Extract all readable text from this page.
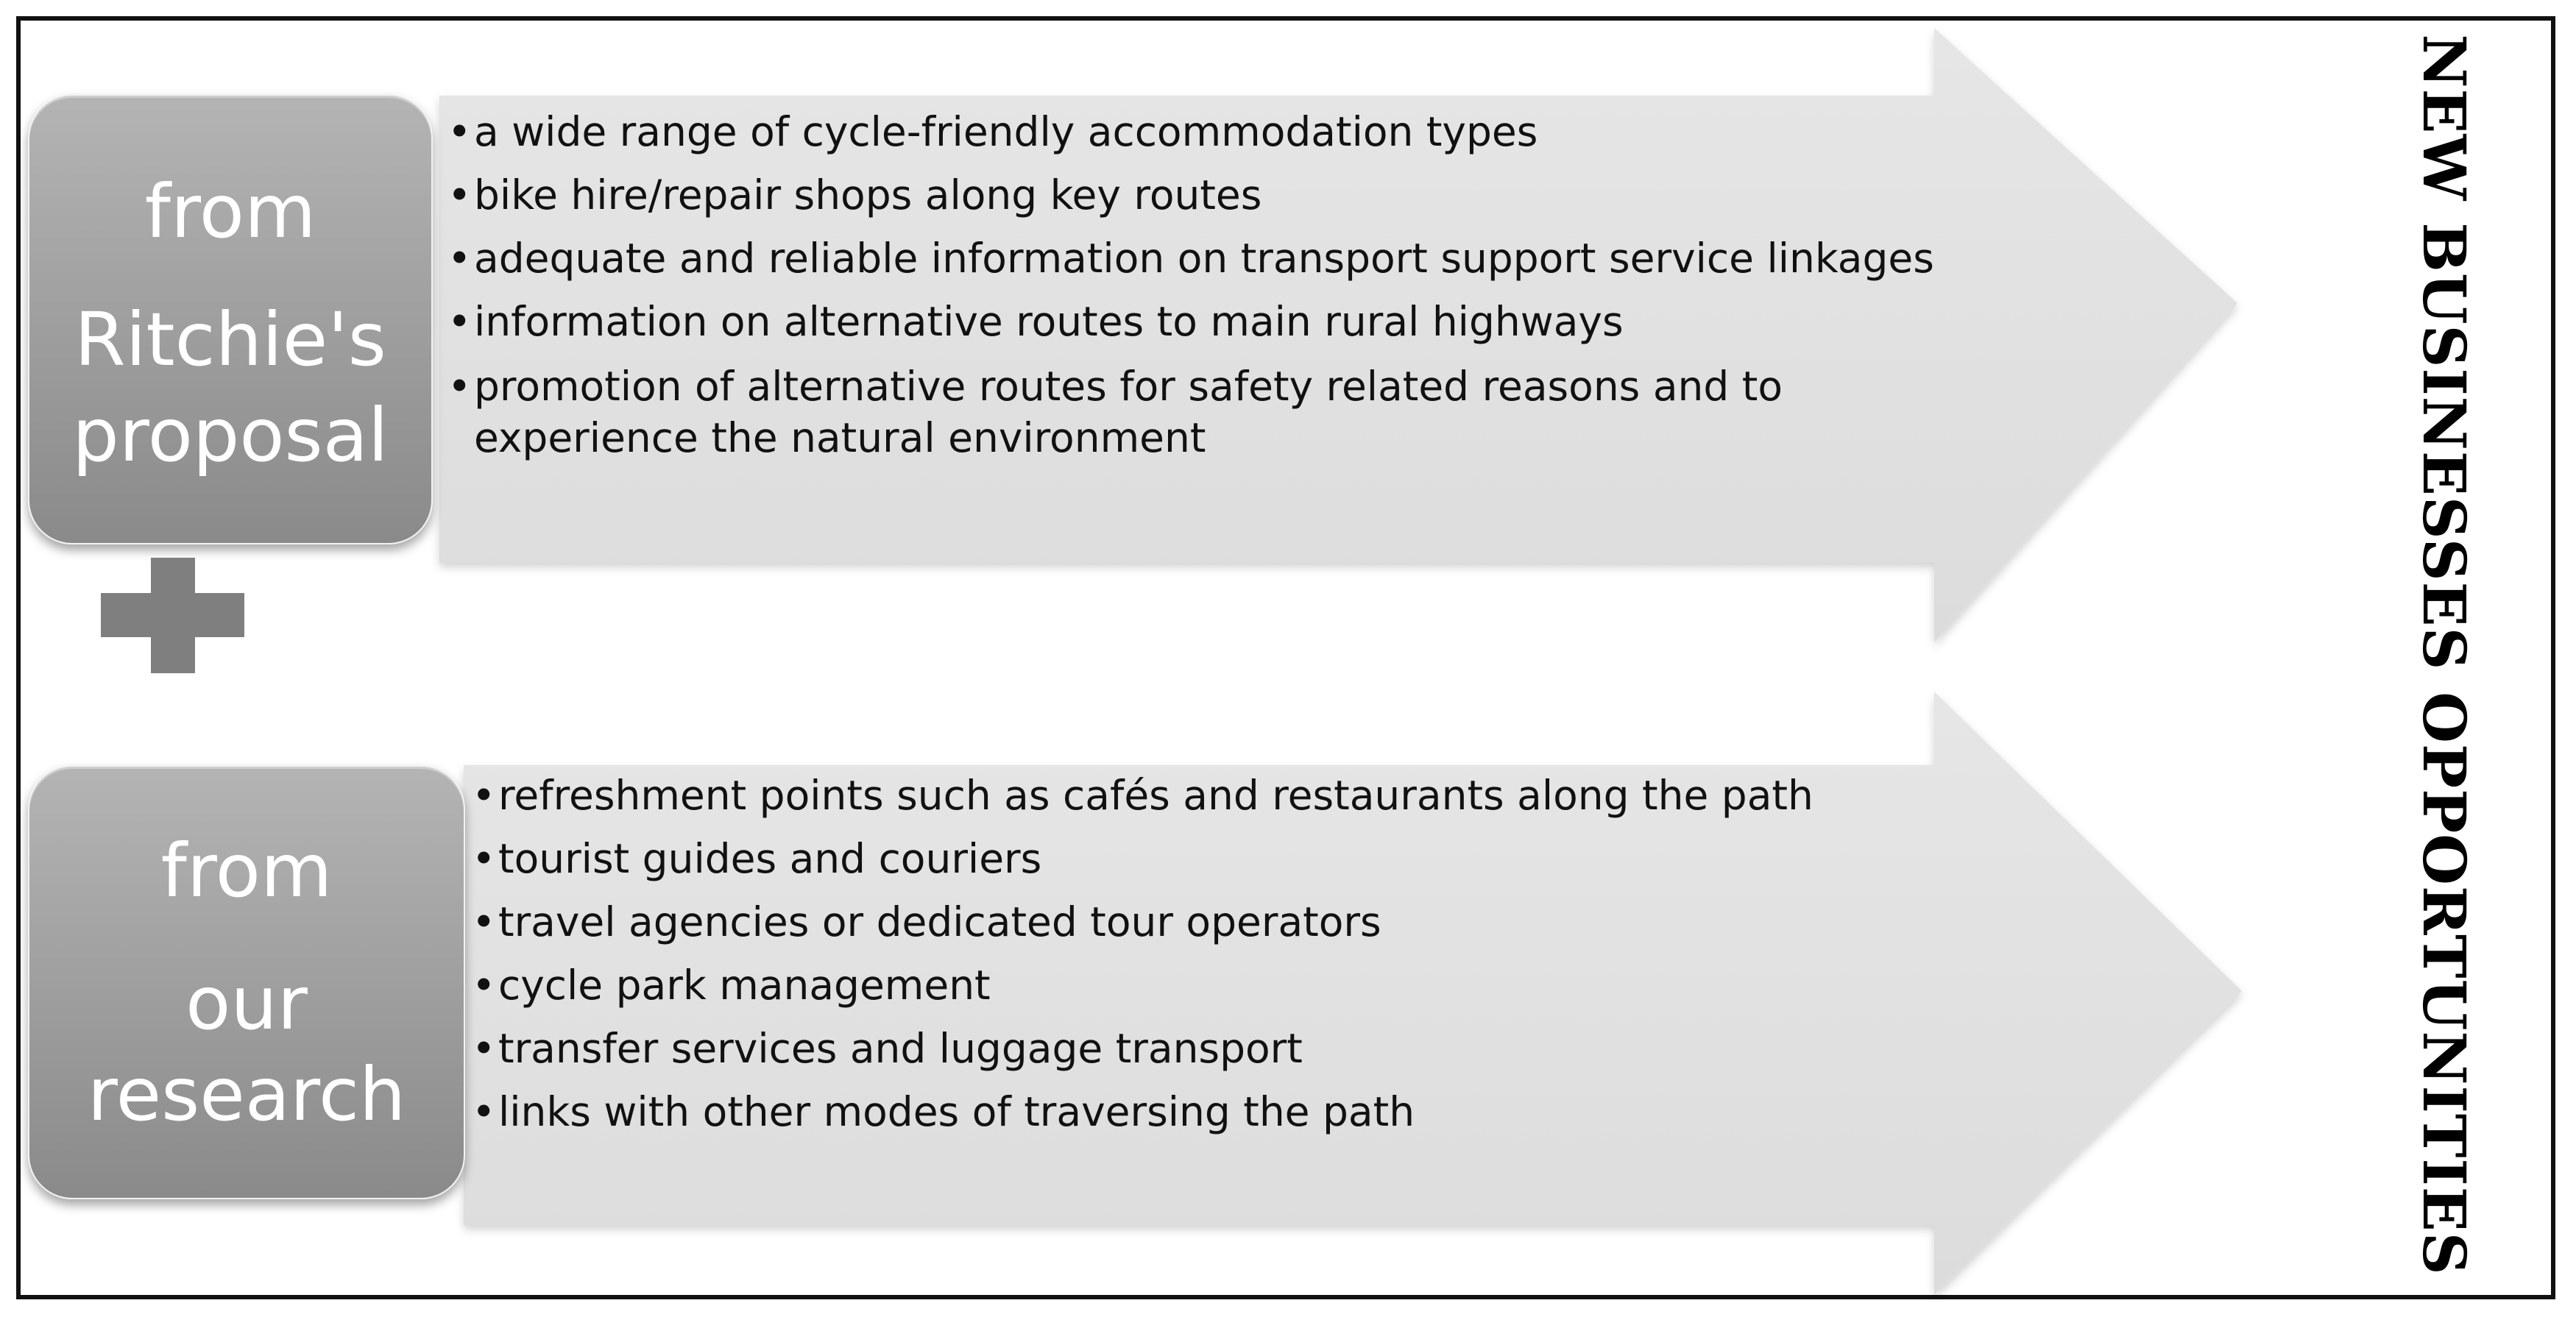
from
Ritchie's
proposal
from
our
research
• a wide range of cycle-friendly accommodation types
• bike hire/repair shops along key routes
• adequate and reliable information on transport support service linkages
• information on alternative routes to main rural highways
• promotion of alternative routes for safety related reasons and to experience the natural environment
• refreshment points such as cafés and restaurants along the path
• tourist guides and couriers
• travel agencies or dedicated tour operators
• cycle park management
• transfer services and luggage transport
• links with other modes of traversing the path	NEW BUSINESSES OPPORTUNITIES
